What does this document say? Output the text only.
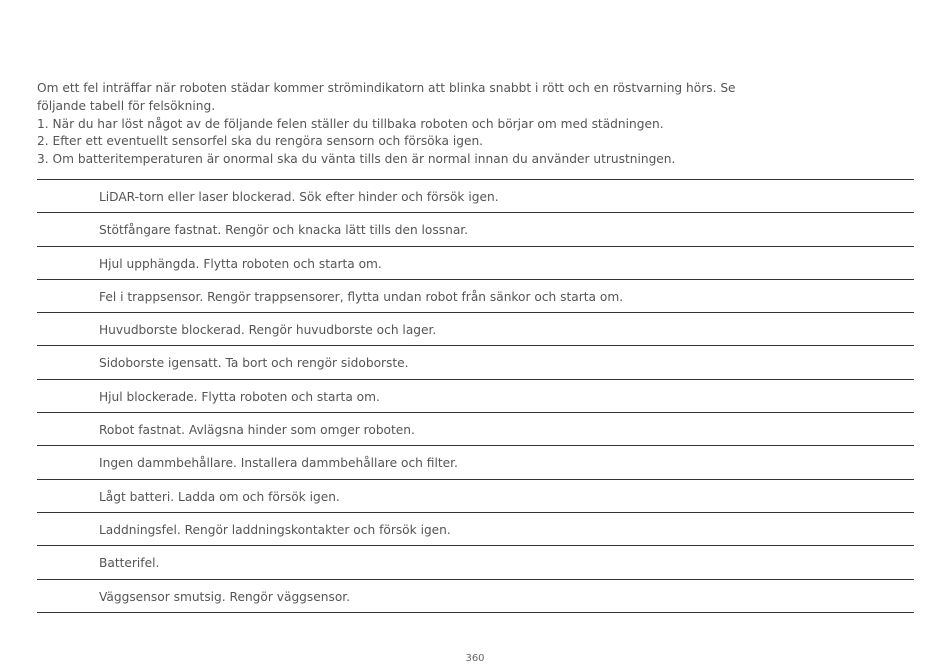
Om ett fel inträffar när roboten städar kommer strömindikatorn att blinka snabbt i rött och en röstvarning hörs. Se följande tabell för felsökning.

1. När du har löst något av de följande felen ställer du tillbaka roboten och börjar om med städningen.

2. Efter ett eventuellt sensorfel ska du rengöra sensorn och försöka igen.

3. Om batteritemperaturen är onormal ska du vänta tills den är normal innan du använder utrustningen.

LiDAR-torn eller laser blockerad. Sök efter hinder och försök igen.
Stötfångare fastnat. Rengör och knacka lätt tills den lossnar.
Hjul upphängda. Flytta roboten och starta om.
Fel i trappsensor. Rengör trappsensorer, flytta undan robot från sänkor och starta om.
Huvudborste blockerad. Rengör huvudborste och lager.
Sidoborste igensatt. Ta bort och rengör sidoborste.
Hjul blockerade. Flytta roboten och starta om.
Robot fastnat. Avlägsna hinder som omger roboten.
Ingen dammbehållare. Installera dammbehållare och filter.
Lågt batteri. Ladda om och försök igen.
Laddningsfel. Rengör laddningskontakter och försök igen.
Batterifel.
Väggsensor smutsig. Rengör väggsensor.
360
